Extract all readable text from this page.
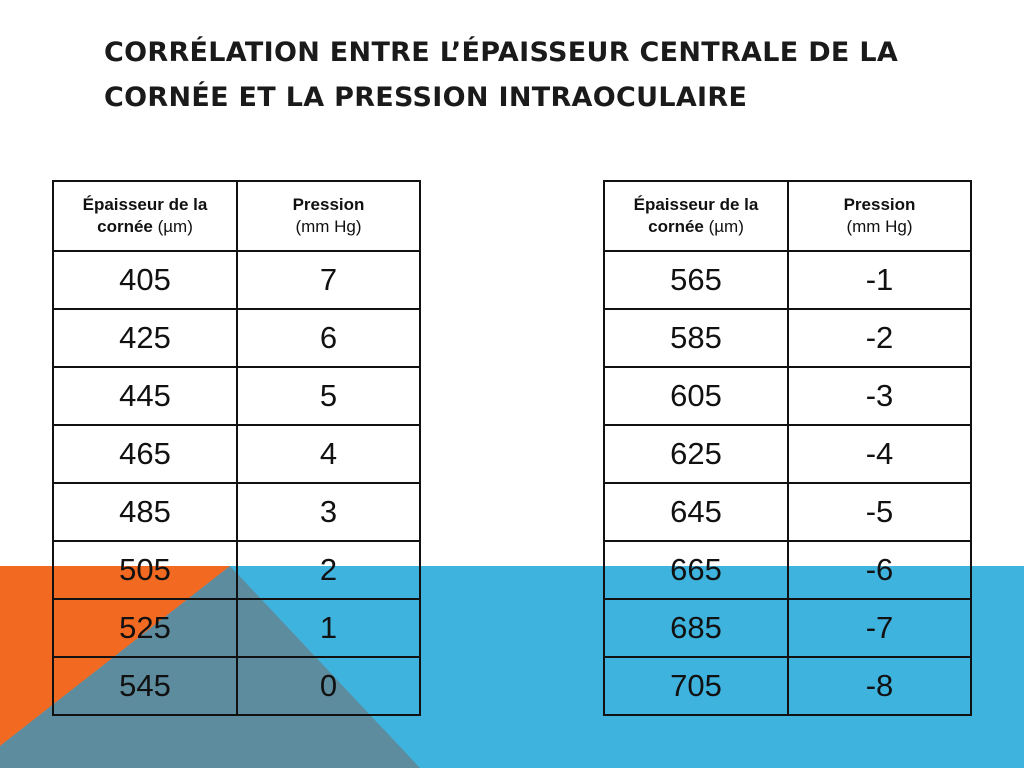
CORRÉLATION ENTRE L’ÉPAISSEUR CENTRALE DE LA CORNÉE ET LA PRESSION INTRAOCULAIRE
Épaisseur de la cornée (µm)	Pression
(mm Hg)

405	7
425	6
445	5
465	4
485	3
505	2
525	1
545	0
Épaisseur de la cornée (µm)	Pression
(mm Hg)

565	-1
585	-2
605	-3
625	-4
645	-5
665	-6
685	-7
705	-8
